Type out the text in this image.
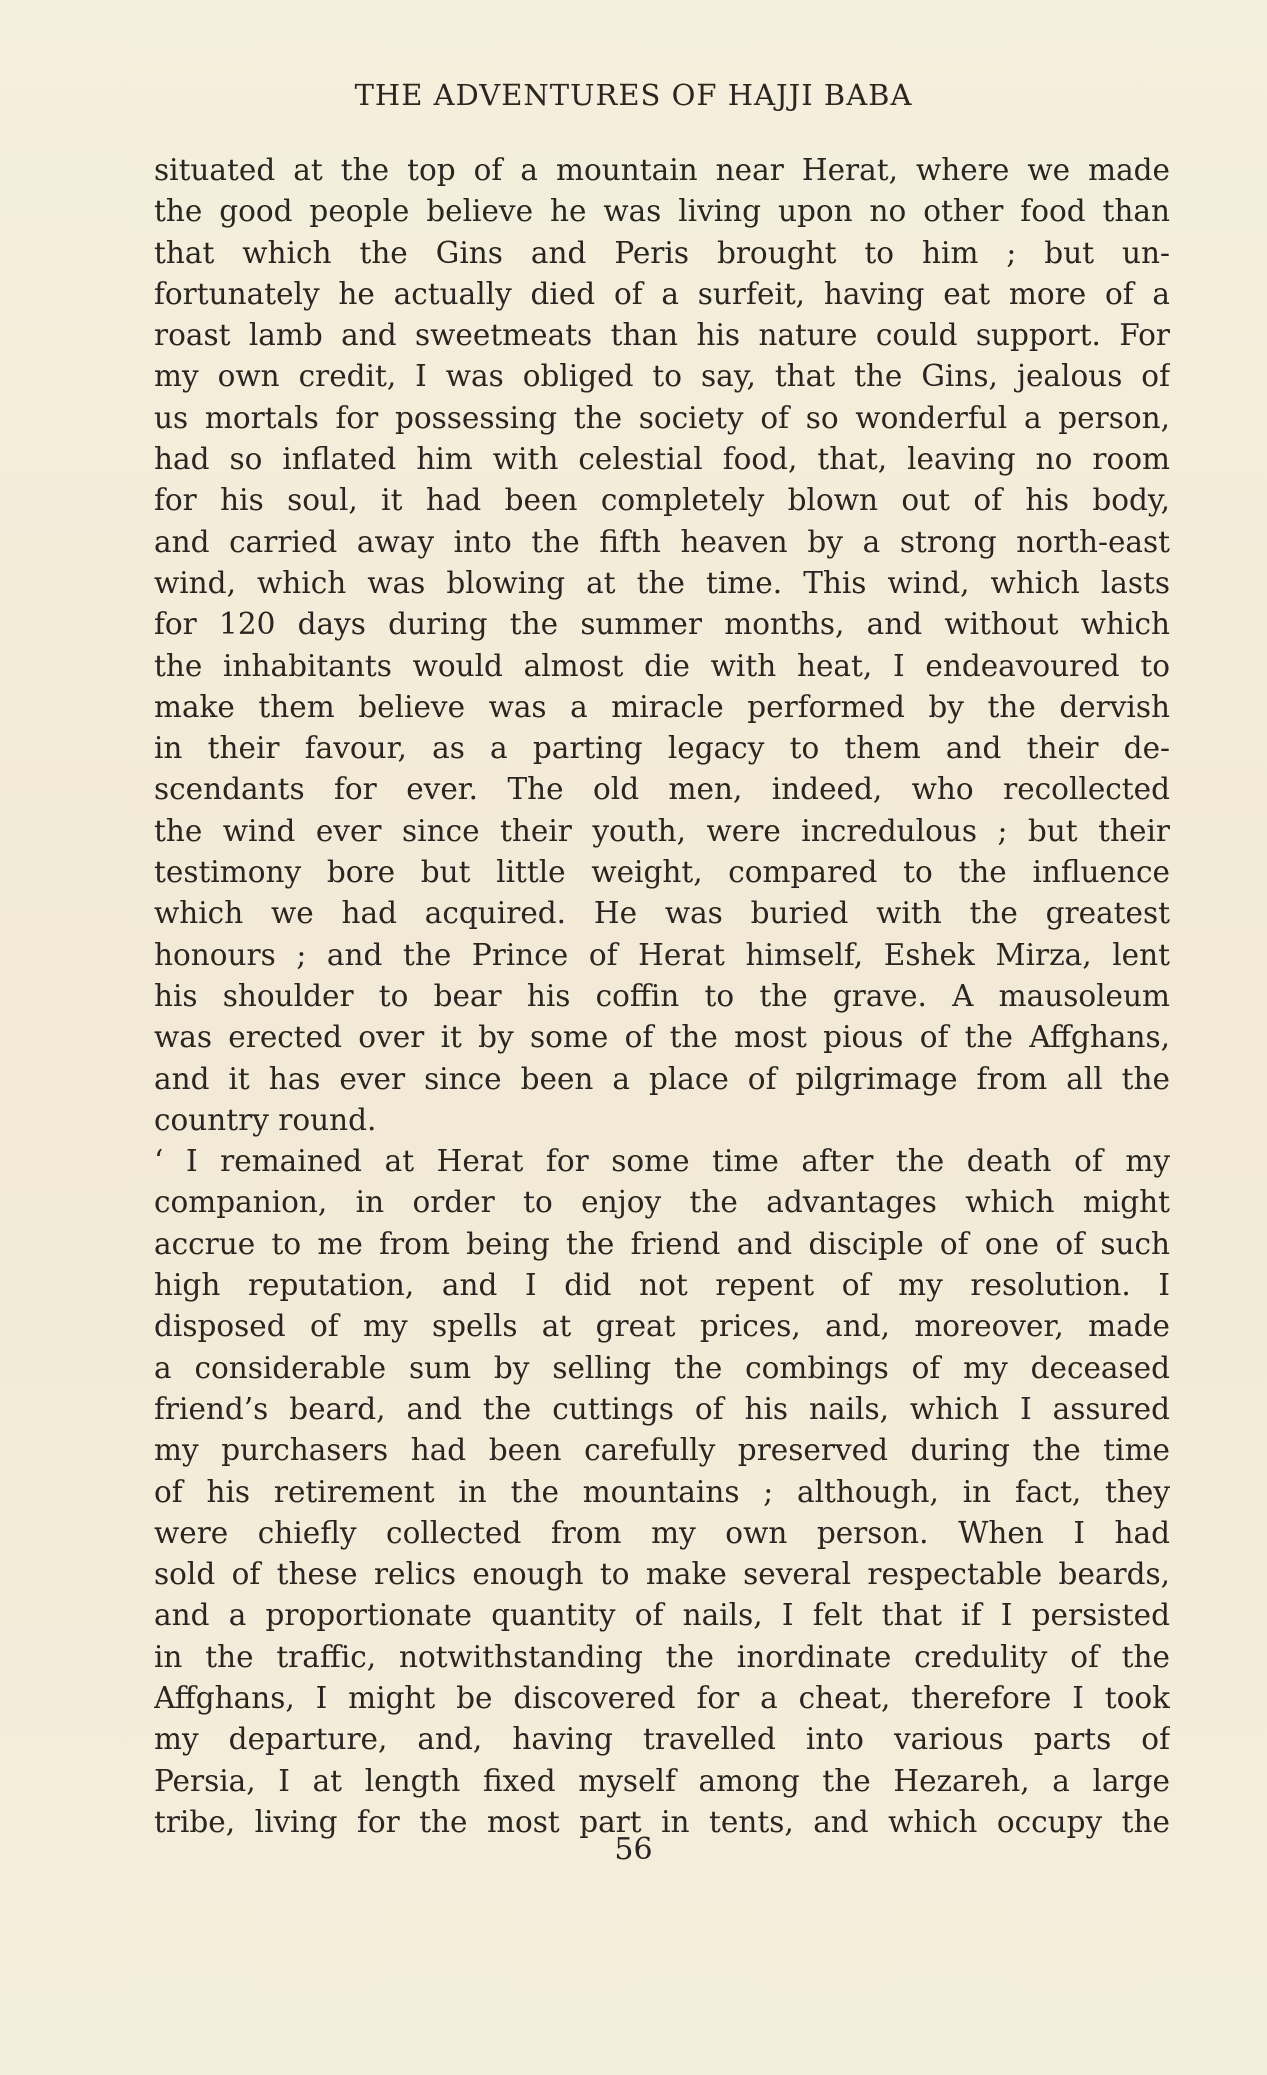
THE ADVENTURES OF HAJJI BABA
situated at the top of a mountain near Herat, where we made
the good people believe he was living upon no other food than
that which the Gins and Peris brought to him ; but un-
fortunately he actually died of a surfeit, having eat more of a
roast lamb and sweetmeats than his nature could support. For
my own credit, I was obliged to say, that the Gins, jealous of
us mortals for possessing the society of so wonderful a person,
had so inflated him with celestial food, that, leaving no room
for his soul, it had been completely blown out of his body,
and carried away into the fifth heaven by a strong north-east
wind, which was blowing at the time. This wind, which lasts
for 120 days during the summer months, and without which
the inhabitants would almost die with heat, I endeavoured to
make them believe was a miracle performed by the dervish
in their favour, as a parting legacy to them and their de-
scendants for ever. The old men, indeed, who recollected
the wind ever since their youth, were incredulous ; but their
testimony bore but little weight, compared to the influence
which we had acquired. He was buried with the greatest
honours ; and the Prince of Herat himself, Eshek Mirza, lent
his shoulder to bear his coffin to the grave. A mausoleum
was erected over it by some of the most pious of the Affghans,
and it has ever since been a place of pilgrimage from all the
country round.
‘ I remained at Herat for some time after the death of my
companion, in order to enjoy the advantages which might
accrue to me from being the friend and disciple of one of such
high reputation, and I did not repent of my resolution. I
disposed of my spells at great prices, and, moreover, made
a considerable sum by selling the combings of my deceased
friend’s beard, and the cuttings of his nails, which I assured
my purchasers had been carefully preserved during the time
of his retirement in the mountains ; although, in fact, they
were chiefly collected from my own person. When I had
sold of these relics enough to make several respectable beards,
and a proportionate quantity of nails, I felt that if I persisted
in the traffic, notwithstanding the inordinate credulity of the
Affghans, I might be discovered for a cheat, therefore I took
my departure, and, having travelled into various parts of
Persia, I at length fixed myself among the Hezareh, a large
tribe, living for the most part in tents, and which occupy the
56
